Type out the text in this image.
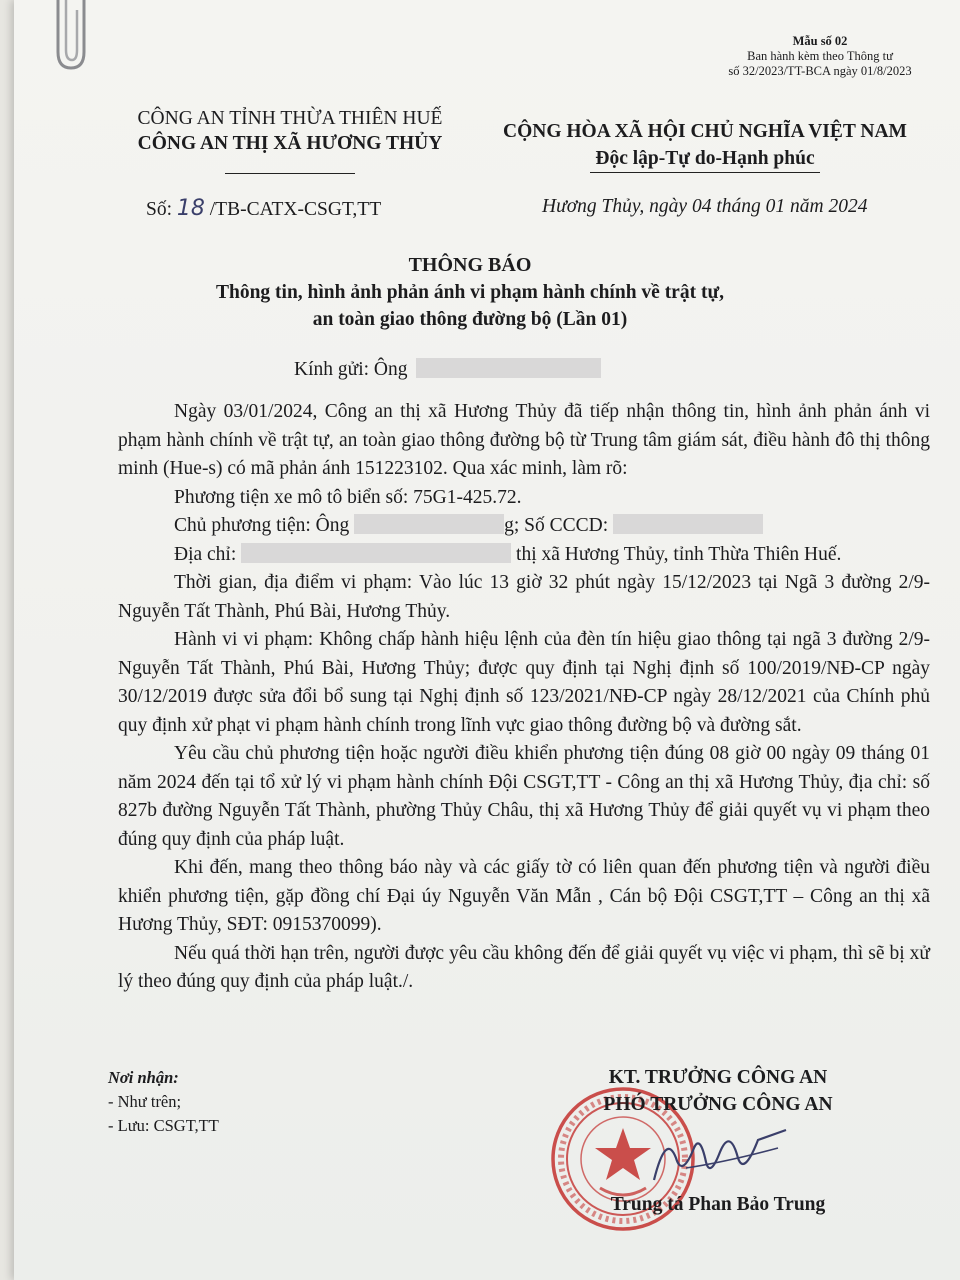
Mẫu số 02
Ban hành kèm theo Thông tư
số 32/2023/TT-BCA ngày 01/8/2023
CÔNG AN TỈNH THỪA THIÊN HUẾ
CÔNG AN THỊ XÃ HƯƠNG THỦY
CỘNG HÒA XÃ HỘI CHỦ NGHĨA VIỆT NAM
Độc lập-Tự do-Hạnh phúc
Số: 18 /TB-CATX-CSGT,TT	Hương Thủy, ngày 04 tháng 01 năm 2024
THÔNG BÁO
Thông tin, hình ảnh phản ánh vi phạm hành chính về trật tự,
an toàn giao thông đường bộ (Lần 01)
Kính gửi: Ông

Ngày 03/01/2024, Công an thị xã Hương Thủy đã tiếp nhận thông tin, hình ảnh phản ánh vi phạm hành chính về trật tự, an toàn giao thông đường bộ từ Trung tâm giám sát, điều hành đô thị thông minh (Hue-s) có mã phản ánh 151223102. Qua xác minh, làm rõ:

Phương tiện xe mô tô biển số: 75G1-425.72.

Chủ phương tiện: Ông	g; Số CCCD:

Địa chỉ:	thị xã Hương Thủy, tỉnh Thừa Thiên Huế.

Thời gian, địa điểm vi phạm: Vào lúc 13 giờ 32 phút ngày 15/12/2023 tại Ngã 3 đường 2/9- Nguyễn Tất Thành, Phú Bài, Hương Thủy.

Hành vi vi phạm: Không chấp hành hiệu lệnh của đèn tín hiệu giao thông tại ngã 3 đường 2/9- Nguyễn Tất Thành, Phú Bài, Hương Thủy; được quy định tại Nghị định số 100/2019/NĐ-CP ngày 30/12/2019 được sửa đổi bổ sung tại Nghị định số 123/2021/NĐ-CP ngày 28/12/2021 của Chính phủ quy định xử phạt vi phạm hành chính trong lĩnh vực giao thông đường bộ và đường sắt.

Yêu cầu chủ phương tiện hoặc người điều khiển phương tiện đúng 08 giờ 00 ngày 09 tháng 01 năm 2024 đến tại tổ xử lý vi phạm hành chính Đội CSGT,TT - Công an thị xã Hương Thủy, địa chỉ: số 827b đường Nguyễn Tất Thành, phường Thủy Châu, thị xã Hương Thủy để giải quyết vụ vi phạm theo đúng quy định của pháp luật.

Khi đến, mang theo thông báo này và các giấy tờ có liên quan đến phương tiện và người điều khiển phương tiện, gặp đồng chí Đại úy Nguyễn Văn Mẫn , Cán bộ Đội CSGT,TT – Công an thị xã Hương Thủy, SĐT: 0915370099).

Nếu quá thời hạn trên, người được yêu cầu không đến để giải quyết vụ việc vi phạm, thì sẽ bị xử lý theo đúng quy định của pháp luật./.

Nơi nhận:
- Như trên;
- Lưu: CSGT,TT
KT. TRƯỞNG CÔNG AN
PHÓ TRƯỞNG CÔNG AN
Trung tá Phan Bảo Trung
